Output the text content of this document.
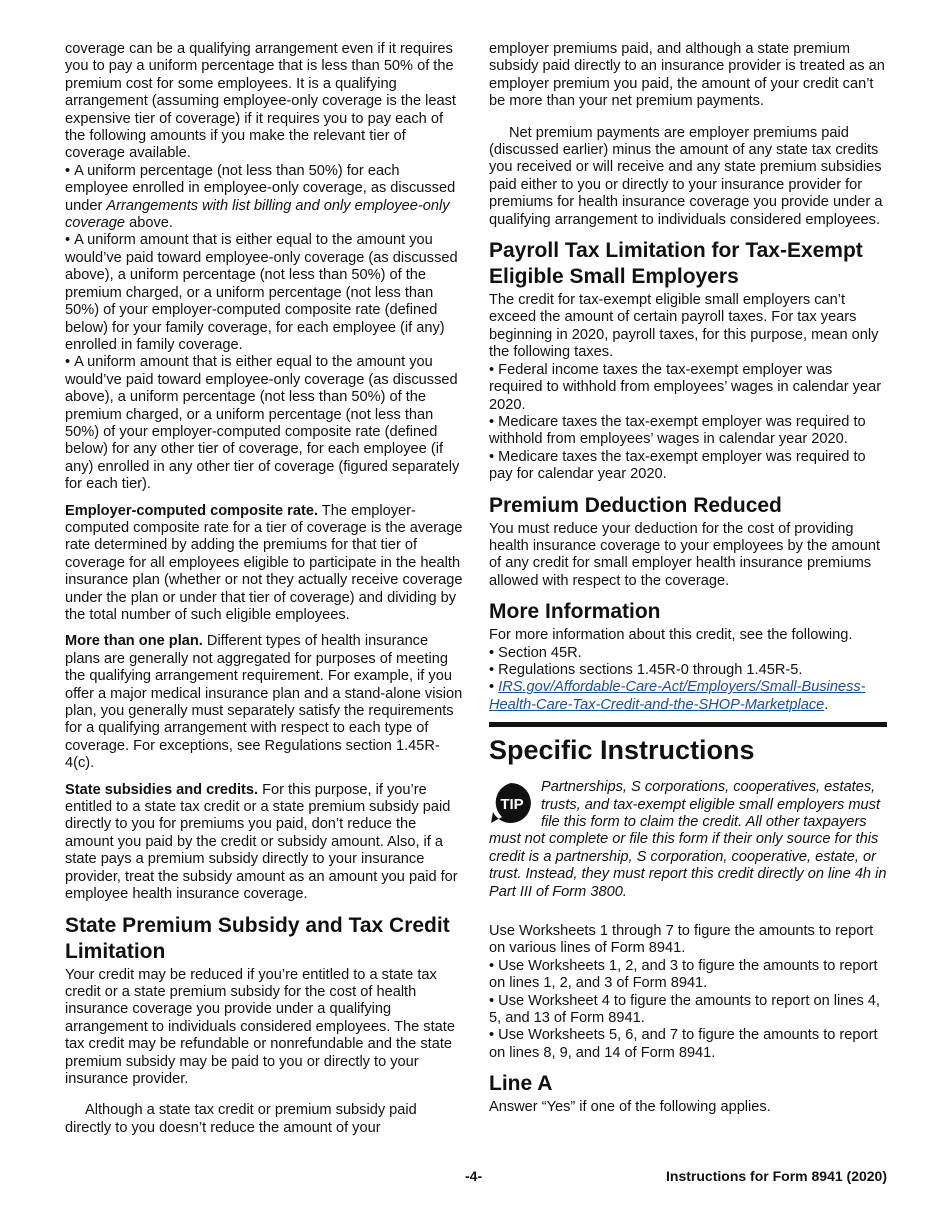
coverage can be a qualifying arrangement even if it requires you to pay a uniform percentage that is less than 50% of the premium cost for some employees. It is a qualifying arrangement (assuming employee-only coverage is the least expensive tier of coverage) if it requires you to pay each of the following amounts if you make the relevant tier of coverage available.

• A uniform percentage (not less than 50%) for each employee enrolled in employee-only coverage, as discussed under Arrangements with list billing and only employee-only coverage above.

• A uniform amount that is either equal to the amount you would’ve paid toward employee-only coverage (as discussed above), a uniform percentage (not less than 50%) of the premium charged, or a uniform percentage (not less than 50%) of your employer-computed composite rate (defined below) for your family coverage, for each employee (if any) enrolled in family coverage.

• A uniform amount that is either equal to the amount you would’ve paid toward employee-only coverage (as discussed above), a uniform percentage (not less than 50%) of the premium charged, or a uniform percentage (not less than 50%) of your employer-computed composite rate (defined below) for any other tier of coverage, for each employee (if any) enrolled in any other tier of coverage (figured separately for each tier).

Employer-computed composite rate. The employer-computed composite rate for a tier of coverage is the average rate determined by adding the premiums for that tier of coverage for all employees eligible to participate in the health insurance plan (whether or not they actually receive coverage under the plan or under that tier of coverage) and dividing by the total number of such eligible employees.

More than one plan. Different types of health insurance plans are generally not aggregated for purposes of meeting the qualifying arrangement requirement. For example, if you offer a major medical insurance plan and a stand-alone vision plan, you generally must separately satisfy the requirements for a qualifying arrangement with respect to each type of coverage. For exceptions, see Regulations section 1.45R-4(c).

State subsidies and credits. For this purpose, if you’re entitled to a state tax credit or a state premium subsidy paid directly to you for premiums you paid, don’t reduce the amount you paid by the credit or subsidy amount. Also, if a state pays a premium subsidy directly to your insurance provider, treat the subsidy amount as an amount you paid for employee health insurance coverage.

State Premium Subsidy and Tax Credit Limitation

Your credit may be reduced if you’re entitled to a state tax credit or a state premium subsidy for the cost of health insurance coverage you provide under a qualifying arrangement to individuals considered employees. The state tax credit may be refundable or nonrefundable and the state premium subsidy may be paid to you or directly to your insurance provider.

Although a state tax credit or premium subsidy paid directly to you doesn’t reduce the amount of your

employer premiums paid, and although a state premium subsidy paid directly to an insurance provider is treated as an employer premium you paid, the amount of your credit can’t be more than your net premium payments.

Net premium payments are employer premiums paid (discussed earlier) minus the amount of any state tax credits you received or will receive and any state premium subsidies paid either to you or directly to your insurance provider for premiums for health insurance coverage you provide under a qualifying arrangement to individuals considered employees.

Payroll Tax Limitation for Tax-Exempt Eligible Small Employers

The credit for tax-exempt eligible small employers can’t exceed the amount of certain payroll taxes. For tax years beginning in 2020, payroll taxes, for this purpose, mean only the following taxes.

• Federal income taxes the tax-exempt employer was required to withhold from employees’ wages in calendar year 2020.

• Medicare taxes the tax-exempt employer was required to withhold from employees’ wages in calendar year 2020.

• Medicare taxes the tax-exempt employer was required to pay for calendar year 2020.

Premium Deduction Reduced

You must reduce your deduction for the cost of providing health insurance coverage to your employees by the amount of any credit for small employer health insurance premiums allowed with respect to the coverage.

More Information

For more information about this credit, see the following.

• Section 45R.

• Regulations sections 1.45R-0 through 1.45R-5.

• IRS.gov/Affordable-Care-Act/Employers/Small-Business-Health-Care-Tax-Credit-and-the-SHOP-Marketplace.

Specific Instructions
TIP

Partnerships, S corporations, cooperatives, estates, trusts, and tax-exempt eligible small employers must file this form to claim the credit. All other taxpayers must not complete or file this form if their only source for this credit is a partnership, S corporation, cooperative, estate, or trust. Instead, they must report this credit directly on line 4h in Part III of Form 3800.

Use Worksheets 1 through 7 to figure the amounts to report on various lines of Form 8941.

• Use Worksheets 1, 2, and 3 to figure the amounts to report on lines 1, 2, and 3 of Form 8941.

• Use Worksheet 4 to figure the amounts to report on lines 4, 5, and 13 of Form 8941.

• Use Worksheets 5, 6, and 7 to figure the amounts to report on lines 8, 9, and 14 of Form 8941.

Line A

Answer “Yes” if one of the following applies.

-4-	Instructions for Form 8941 (2020)
